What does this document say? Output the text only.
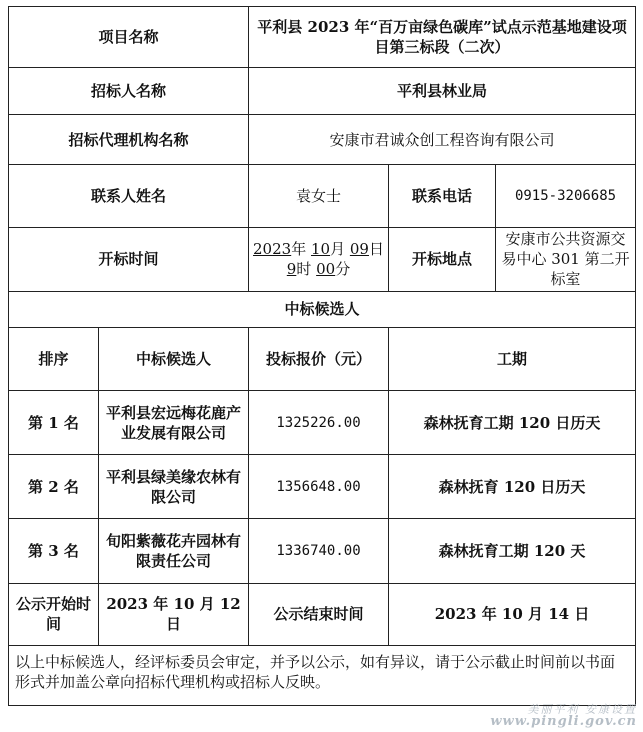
项目名称		平利县 2023 年“百万亩绿色碳库”试点示范基地建设项目第三标段（二次）		
招标人名称		平利县林业局		
招标代理机构名称		安康市君诚众创工程咨询有限公司		
联系人姓名		袁女士	联系电话	0915-3206685
开标时间		2023年 10月 09日 9时 00分	开标地点	安康市公共资源交易中心 301 第二开标室
中标候选人				
排序	中标候选人	投标报价（元）	工期	
第 1 名	平利县宏远梅花鹿产业发展有限公司	1325226.00	森林抚育工期 120 日历天	
第 2 名	平利县绿美缘农林有限公司	1356648.00	森林抚育 120 日历天	
第 3 名	旬阳紫薇花卉园林有限责任公司	1336740.00	森林抚育工期 120 天	
公示开始时间	2023 年 10 月 12 日	公示结束时间	2023 年 10 月 14 日	
以上中标候选人，经评标委员会审定，并予以公示，如有异议，请于公示截止时间前以书面形式并加盖公章向招标代理机构或招标人反映。				
美丽平利 安康设置
www.pingli.gov.cn
